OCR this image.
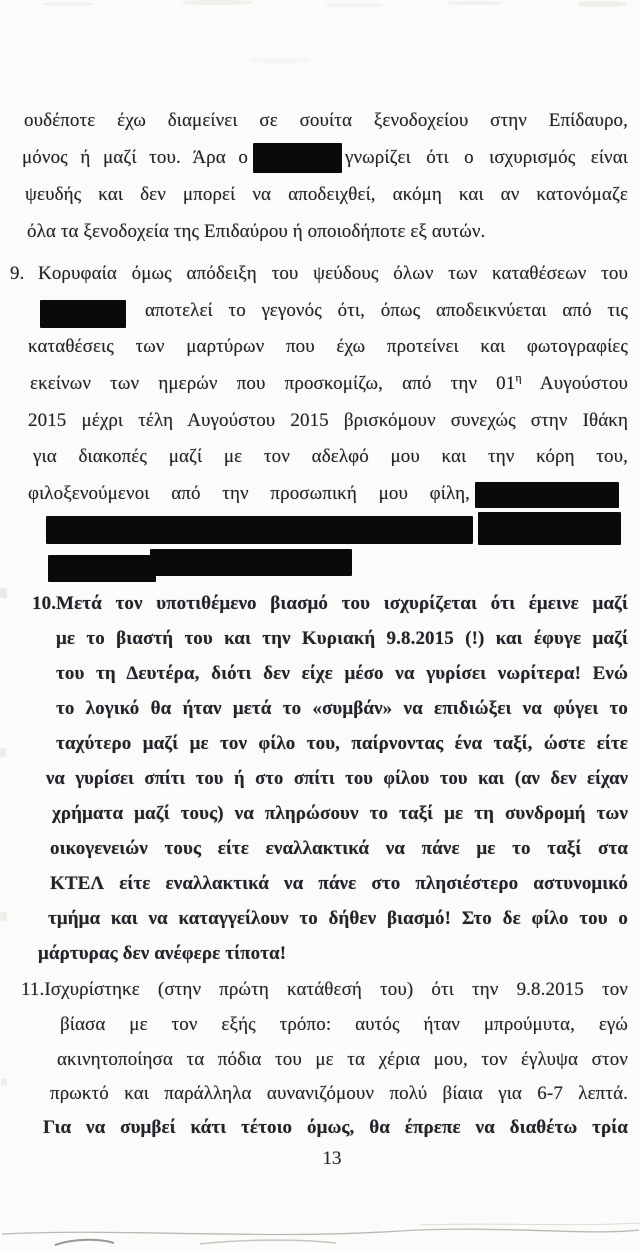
ουδέποτε έχω διαμείνει σε σουίτα ξενοδοχείου στην Επίδαυρο,
μόνος ή μαζί του. Άρα ο	γνωρίζει ότι ο ισχυρισμός είναι
ψευδής και δεν μπορεί να αποδειχθεί, ακόμη και αν κατονόμαζε
όλα τα ξενοδοχεία της Επιδαύρου ή οποιοδήποτε εξ αυτών.
9. Κορυφαία όμως απόδειξη του ψεύδους όλων των καταθέσεων του
αποτελεί το γεγονός ότι, όπως αποδεικνύεται από τις
καταθέσεις των μαρτύρων που έχω προτείνει και φωτογραφίες
εκείνων των ημερών που προσκομίζω, από την $01^\eta$ Αυγούστου
2015 μέχρι τέλη Αυγούστου 2015 βρισκόμουν συνεχώς στην Ιθάκη
για διακοπές μαζί με τον αδελφό μου και την κόρη του,
φιλοξενούμενοι από την προσωπική μου φίλη,
10.Μετά τον υποτιθέμενο βιασμό του ισχυρίζεται ότι έμεινε μαζί
με το βιαστή του και την Κυριακή 9.8.2015 (!) και έφυγε μαζί
του τη Δευτέρα, διότι δεν είχε μέσο να γυρίσει νωρίτερα! Ενώ
το λογικό θα ήταν μετά το «συμβάν» να επιδιώξει να φύγει το
ταχύτερο μαζί με τον φίλο του, παίρνοντας ένα ταξί, ώστε είτε
να γυρίσει σπίτι του ή στο σπίτι του φίλου του και (αν δεν είχαν
χρήματα μαζί τους) να πληρώσουν το ταξί με τη συνδρομή των
οικογενειών τους είτε εναλλακτικά να πάνε με το ταξί στα
ΚΤΕΛ είτε εναλλακτικά να πάνε στο πλησιέστερο αστυνομικό
τμήμα και να καταγγείλουν το δήθεν βιασμό! Στο δε φίλο του ο
μάρτυρας δεν ανέφερε τίποτα!
11.Ισχυρίστηκε (στην πρώτη κατάθεσή του) ότι την 9.8.2015 τον
βίασα με τον εξής τρόπο: αυτός ήταν μπρούμυτα, εγώ
ακινητοποίησα τα πόδια του με τα χέρια μου, τον έγλυψα στον
πρωκτό και παράλληλα αυνανιζόμουν πολύ βίαια για 6-7 λεπτά.
Για να συμβεί κάτι τέτοιο όμως, θα έπρεπε να διαθέτω τρία
13
